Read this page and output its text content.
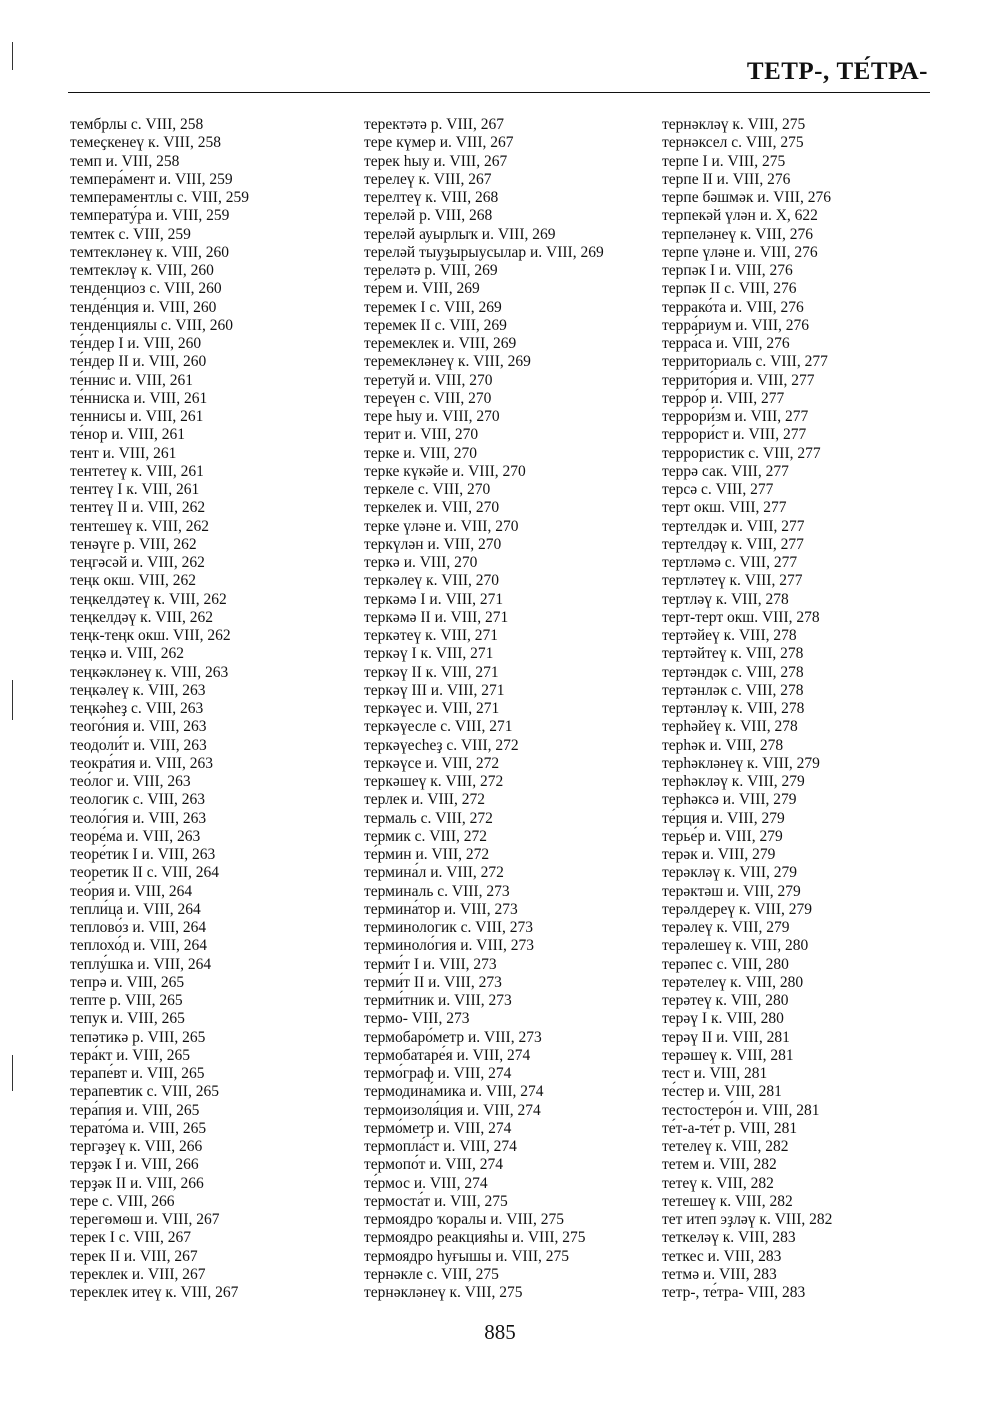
ТЕТР-, ТЕ́ТРА-
тембрлы с. VIII, 258
темеҫкенеү к. VIII, 258
темп и. VIII, 258
темпера́мент и. VIII, 259
темпераментлы с. VIII, 259
температу́ра и. VIII, 259
темтек с. VIII, 259
темтекләнеү к. VIII, 260
темтекләү к. VIII, 260
тенденциоз с. VIII, 260
тенде́нция и. VIII, 260
тенденциялы с. VIII, 260
те́ндер I и. VIII, 260
те́ндер II и. VIII, 260
те́ннис и. VIII, 261
те́нниска и. VIII, 261
теннисы и. VIII, 261
те́нор и. VIII, 261
тент и. VIII, 261
тентетеү к. VIII, 261
тентеү I к. VIII, 261
тентеү II и. VIII, 262
тентешеү к. VIII, 262
тенәүге р. VIII, 262
теңгәсәй и. VIII, 262
теңк окш. VIII, 262
теңкелдәтеү к. VIII, 262
теңкелдәү к. VIII, 262
теңк-теңк окш. VIII, 262
теңкә и. VIII, 262
теңкәкләнеү к. VIII, 263
теңкәлеү к. VIII, 263
теңкәһеҙ с. VIII, 263
теого́ния и. VIII, 263
теодоли́т и. VIII, 263
теокра́тия и. VIII, 263
тео́лог и. VIII, 263
теологик с. VIII, 263
теоло́гия и. VIII, 263
теоре́ма и. VIII, 263
теоре́тик I и. VIII, 263
теоретик II с. VIII, 264
тео́рия и. VIII, 264
тепли́ца и. VIII, 264
теплово́з и. VIII, 264
теплохо́д и. VIII, 264
теплу́шка и. VIII, 264
тепрә и. VIII, 265
тепте р. VIII, 265
тепук и. VIII, 265
тепәтикә р. VIII, 265
тера́кт и. VIII, 265
терапе́вт и. VIII, 265
терапевтик с. VIII, 265
тера́пия и. VIII, 265
терато́ма и. VIII, 265
тергәҙеү к. VIII, 266
терҙәк I и. VIII, 266
терҙәк II и. VIII, 266
тере с. VIII, 266
терегөмөш и. VIII, 267
терек I с. VIII, 267
терек II и. VIII, 267
тереклек и. VIII, 267
тереклек итеү к. VIII, 267
теректәтә р. VIII, 267
тере күмер и. VIII, 267
терек һыу и. VIII, 267
терелеү к. VIII, 267
терелтеү к. VIII, 268
терeләй р. VIII, 268
терeләй ауырлыҡ и. VIII, 269
терeләй тыуҙырыусылар и. VIII, 269
терeләтә р. VIII, 269
те́рем и. VIII, 269
теремек I с. VIII, 269
теремек II с. VIII, 269
теремеклек и. VIII, 269
теремекләнеү к. VIII, 269
теретуй и. VIII, 270
тереүен с. VIII, 270
тере һыу и. VIII, 270
терит и. VIII, 270
терке и. VIII, 270
терке күкәйе и. VIII, 270
теркеле с. VIII, 270
теркелек и. VIII, 270
терке үләне и. VIII, 270
теркүлән и. VIII, 270
теркә и. VIII, 270
теркәлеү к. VIII, 270
теркәмә I и. VIII, 271
теркәмә II и. VIII, 271
теркәтеү к. VIII, 271
теркәү I к. VIII, 271
теркәү II к. VIII, 271
теркәү III и. VIII, 271
теркәүес и. VIII, 271
теркәүесле с. VIII, 271
теркәүесһеҙ с. VIII, 272
теркәүсе и. VIII, 272
теркәшеү к. VIII, 272
терлек и. VIII, 272
термаль с. VIII, 272
термик с. VIII, 272
те́рмин и. VIII, 272
термина́л и. VIII, 272
терминаль с. VIII, 273
термина́тор и. VIII, 273
терминологик с. VIII, 273
терминоло́гия и. VIII, 273
терми́т I и. VIII, 273
терми́т II и. VIII, 273
терми́тник и. VIII, 273
термо- VIII, 273
термобаро́метр и. VIII, 273
термобатаре́я и. VIII, 274
термо́граф и. VIII, 274
термодина́мика и. VIII, 274
термоизоля́ция и. VIII, 274
термо́метр и. VIII, 274
термопла́ст и. VIII, 274
термопо́т и. VIII, 274
те́рмос и. VIII, 274
термоста́т и. VIII, 275
термоядро ҡоралы и. VIII, 275
термоядро реакцияһы и. VIII, 275
термоядро һуғышы и. VIII, 275
тернәкле с. VIII, 275
тернәкләнеү к. VIII, 275
тернәкләү к. VIII, 275
тернәксел с. VIII, 275
терпе I и. VIII, 275
терпе II и. VIII, 276
терпе бәшмәк и. VIII, 276
терпекәй үлән и. X, 622
терпеләнеү к. VIII, 276
терпе үләне и. VIII, 276
терпәк I и. VIII, 276
терпәк II с. VIII, 276
террако́та и. VIII, 276
терра́риум и. VIII, 276
терра́са и. VIII, 276
территориаль с. VIII, 277
террито́рия и. VIII, 277
терро́р и. VIII, 277
террори́зм и. VIII, 277
террори́ст и. VIII, 277
террористик с. VIII, 277
террә сак. VIII, 277
терсә с. VIII, 277
терт окш. VIII, 277
тертелдәк и. VIII, 277
тертелдәү к. VIII, 277
тертләмә с. VIII, 277
тертләтеү к. VIII, 277
тертләү к. VIII, 278
терт-терт окш. VIII, 278
тертәйеү к. VIII, 278
тертәйтеү к. VIII, 278
тертәндәк с. VIII, 278
тертәнләк с. VIII, 278
тертәнләү к. VIII, 278
терһәйеү к. VIII, 278
терһәк и. VIII, 278
терһәкләнеү к. VIII, 279
терһәкләү к. VIII, 279
терһәксә и. VIII, 279
те́рция и. VIII, 279
терье́р и. VIII, 279
терәк и. VIII, 279
терәкләү к. VIII, 279
терәктәш и. VIII, 279
терәлдереү к. VIII, 279
терәлеү к. VIII, 279
терәлешеү к. VIII, 280
терәпес с. VIII, 280
терәтелеү к. VIII, 280
терәтеү к. VIII, 280
терәү I к. VIII, 280
терәү II и. VIII, 281
терәшеү к. VIII, 281
тест и. VIII, 281
те́стер и. VIII, 281
тестостеро́н и. VIII, 281
те́т-а-те́т р. VIII, 281
тетелеү к. VIII, 282
тетем и. VIII, 282
тетеү к. VIII, 282
тетешеү к. VIII, 282
тет итеп эҙләү к. VIII, 282
теткеләү к. VIII, 283
теткес и. VIII, 283
тетмә и. VIII, 283
тетр-, те́тра- VIII, 283
885
